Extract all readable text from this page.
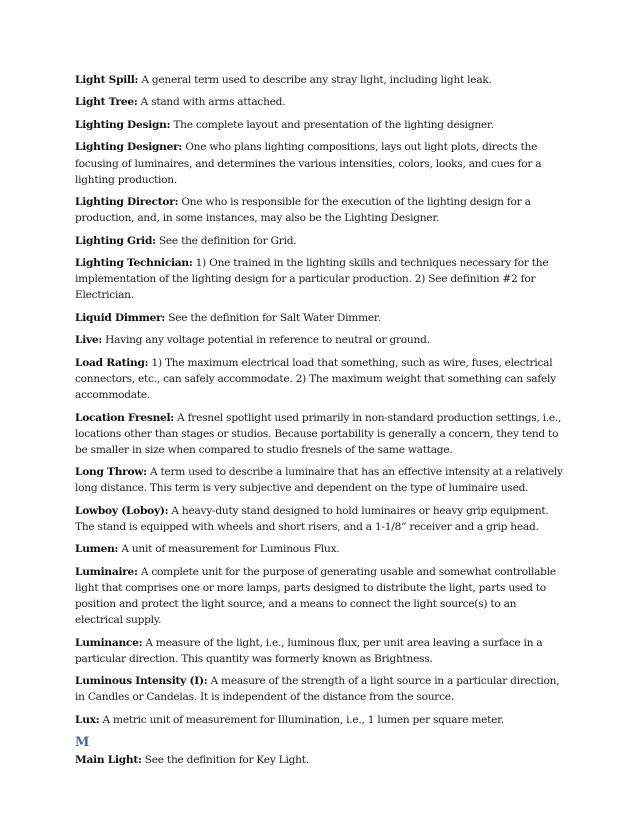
Light Spill: A general term used to describe any stray light, including light leak.

Light Tree: A stand with arms attached.

Lighting Design: The complete layout and presentation of the lighting designer.

Lighting Designer: One who plans lighting compositions, lays out light plots, directs the focusing of luminaires, and determines the various intensities, colors, looks, and cues for a lighting production.

Lighting Director: One who is responsible for the execution of the lighting design for a production, and, in some instances, may also be the Lighting Designer.

Lighting Grid: See the definition for Grid.

Lighting Technician: 1) One trained in the lighting skills and techniques necessary for the implementation of the lighting design for a particular production. 2) See definition #2 for Electrician.

Liquid Dimmer: See the definition for Salt Water Dimmer.

Live: Having any voltage potential in reference to neutral or ground.

Load Rating: 1) The maximum electrical load that something, such as wire, fuses, electrical connectors, etc., can safely accommodate. 2) The maximum weight that something can safely accommodate.

Location Fresnel: A fresnel spotlight used primarily in non-standard production settings, i.e., locations other than stages or studios. Because portability is generally a concern, they tend to be smaller in size when compared to studio fresnels of the same wattage.

Long Throw: A term used to describe a luminaire that has an effective intensity at a relatively long distance. This term is very subjective and dependent on the type of luminaire used.

Lowboy (Loboy): A heavy-duty stand designed to hold luminaires or heavy grip equipment. The stand is equipped with wheels and short risers, and a 1-1/8” receiver and a grip head.

Lumen: A unit of measurement for Luminous Flux.

Luminaire: A complete unit for the purpose of generating usable and somewhat controllable light that comprises one or more lamps, parts designed to distribute the light, parts used to position and protect the light source, and a means to connect the light source(s) to an electrical supply.

Luminance: A measure of the light, i.e., luminous flux, per unit area leaving a surface in a particular direction. This quantity was formerly known as Brightness.

Luminous Intensity (I): A measure of the strength of a light source in a particular direction, in Candles or Candelas. It is independent of the distance from the source.

Lux: A metric unit of measurement for Illumination, i.e., 1 lumen per square meter.

M

Main Light: See the definition for Key Light.
